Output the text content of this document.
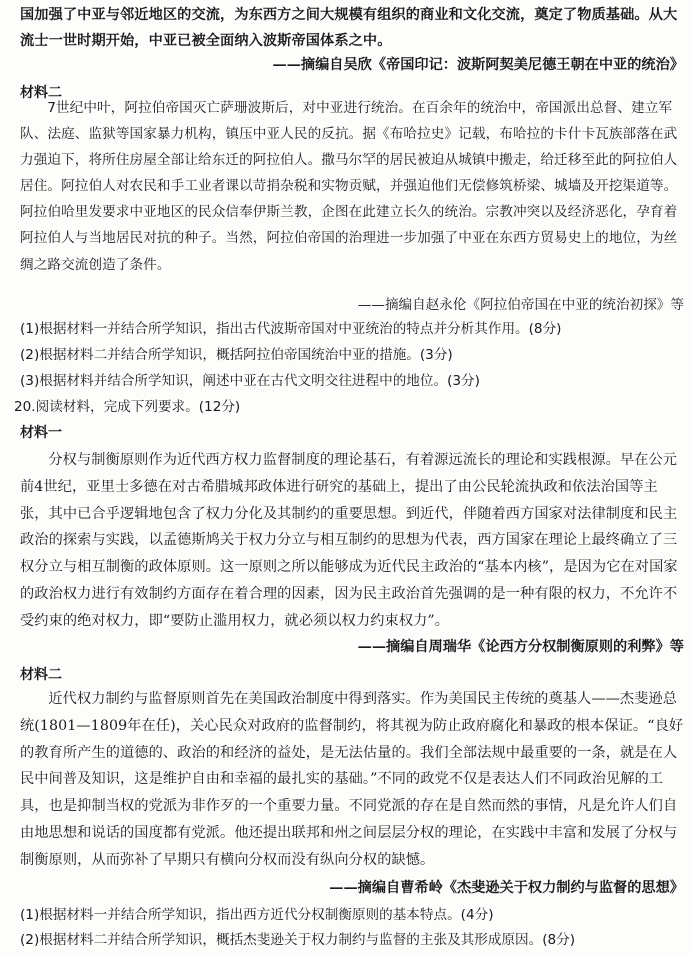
国加强了中亚与邻近地区的交流，为东西方之间大规模有组织的商业和文化交流，奠定了物质基础。从大流士一世时期开始，中亚已被全面纳入波斯帝国体系之中。

——摘编自吴欣《帝国印记：波斯阿契美尼德王朝在中亚的统治》

材料二

7世纪中叶，阿拉伯帝国灭亡萨珊波斯后，对中亚进行统治。在百余年的统治中，帝国派出总督、建立军队、法庭、监狱等国家暴力机构，镇压中亚人民的反抗。据《布哈拉史》记载，布哈拉的卡什卡瓦族部落在武力强迫下，将所住房屋全部让给东迁的阿拉伯人。撒马尔罕的居民被迫从城镇中搬走，给迁移至此的阿拉伯人居住。阿拉伯人对农民和手工业者课以苛捐杂税和实物贡赋，并强迫他们无偿修筑桥梁、城墙及开挖渠道等。阿拉伯哈里发要求中亚地区的民众信奉伊斯兰教，企图在此建立长久的统治。宗教冲突以及经济恶化，孕育着阿拉伯人与当地居民对抗的种子。当然，阿拉伯帝国的治理进一步加强了中亚在东西方贸易史上的地位，为丝绸之路交流创造了条件。

——摘编自赵永伦《阿拉伯帝国在中亚的统治初探》等

(1)根据材料一并结合所学知识，指出古代波斯帝国对中亚统治的特点并分析其作用。(8分)

(2)根据材料二并结合所学知识，概括阿拉伯帝国统治中亚的措施。(3分)

(3)根据材料并结合所学知识，阐述中亚在古代文明交往进程中的地位。(3分)

20.阅读材料，完成下列要求。(12分)

材料一

分权与制衡原则作为近代西方权力监督制度的理论基石，有着源远流长的理论和实践根源。早在公元前4世纪，亚里士多德在对古希腊城邦政体进行研究的基础上，提出了由公民轮流执政和依法治国等主张，其中已合乎逻辑地包含了权力分化及其制约的重要思想。到近代，伴随着西方国家对法律制度和民主政治的探索与实践，以孟德斯鸠关于权力分立与相互制约的思想为代表，西方国家在理论上最终确立了三权分立与相互制衡的政体原则。这一原则之所以能够成为近代民主政治的“基本内核”，是因为它在对国家的政治权力进行有效制约方面存在着合理的因素，因为民主政治首先强调的是一种有限的权力，不允许不受约束的绝对权力，即“要防止滥用权力，就必须以权力约束权力”。

——摘编自周瑞华《论西方分权制衡原则的利弊》等

材料二

近代权力制约与监督原则首先在美国政治制度中得到落实。作为美国民主传统的奠基人——杰斐逊总统(1801—1809年在任)，关心民众对政府的监督制约，将其视为防止政府腐化和暴政的根本保证。“良好的教育所产生的道德的、政治的和经济的益处，是无法估量的。我们全部法规中最重要的一条，就是在人民中间普及知识，这是维护自由和幸福的最扎实的基础。”不同的政党不仅是表达人们不同政治见解的工具，也是抑制当权的党派为非作歹的一个重要力量。不同党派的存在是自然而然的事情，凡是允许人们自由地思想和说话的国度都有党派。他还提出联邦和州之间层层分权的理论，在实践中丰富和发展了分权与制衡原则，从而弥补了早期只有横向分权而没有纵向分权的缺憾。

——摘编自曹希岭《杰斐逊关于权力制约与监督的思想》

(1)根据材料一并结合所学知识，指出西方近代分权制衡原则的基本特点。(4分)

(2)根据材料二并结合所学知识，概括杰斐逊关于权力制约与监督的主张及其形成原因。(8分)
